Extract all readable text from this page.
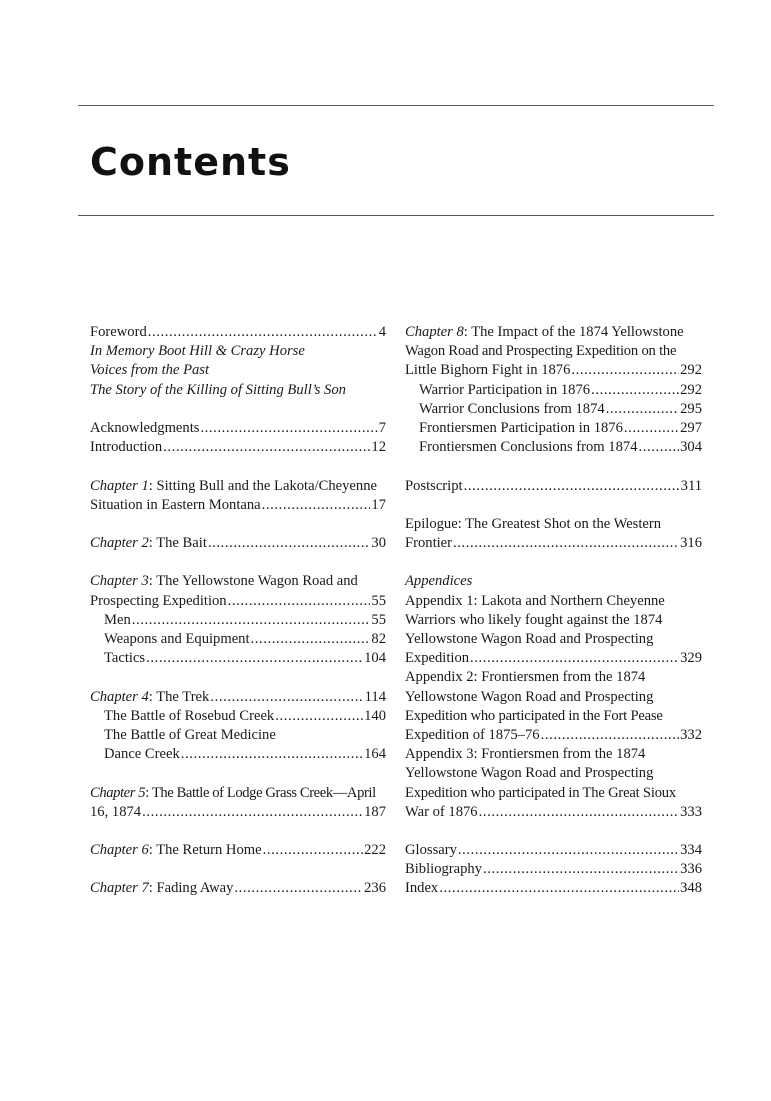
Contents
Foreword .....	4
In Memory Boot Hill & Crazy Horse
Voices from the Past
The Story of the Killing of Sitting Bull’s Son
Acknowledgments .....	7
Introduction .....	12
Chapter 1: Sitting Bull and the Lakota/Cheyenne
Situation in Eastern Montana .....	17
Chapter 2: The Bait .....	30
Chapter 3: The Yellowstone Wagon Road and
Prospecting Expedition .....	55
Men .....	55
Weapons and Equipment .....	82
Tactics .....	104
Chapter 4: The Trek .....	114
The Battle of Rosebud Creek .....	140
The Battle of Great Medicine
Dance Creek .....	164
Chapter 5: The Battle of Lodge Grass Creek—April
16, 1874 .....	187
Chapter 6: The Return Home .....	222
Chapter 7: Fading Away .....	236
Chapter 8: The Impact of the 1874 Yellowstone
Wagon Road and Prospecting Expedition on the
Little Bighorn Fight in 1876 .....	292
Warrior Participation in 1876 .....	292
Warrior Conclusions from 1874 .....	295
Frontiersmen Participation in 1876 .....	297
Frontiersmen Conclusions from 1874 .....	304
Postscript .....	311
Epilogue: The Greatest Shot on the Western
Frontier .....	316
Appendices
Appendix 1: Lakota and Northern Cheyenne
Warriors who likely fought against the 1874
Yellowstone Wagon Road and Prospecting
Expedition .....	329
Appendix 2: Frontiersmen from the 1874
Yellowstone Wagon Road and Prospecting
Expedition who participated in the Fort Pease
Expedition of 1875–76 .....	332
Appendix 3: Frontiersmen from the 1874
Yellowstone Wagon Road and Prospecting
Expedition who participated in The Great Sioux
War of 1876 .....	333
Glossary .....	334
Bibliography .....	336
Index .....	348
